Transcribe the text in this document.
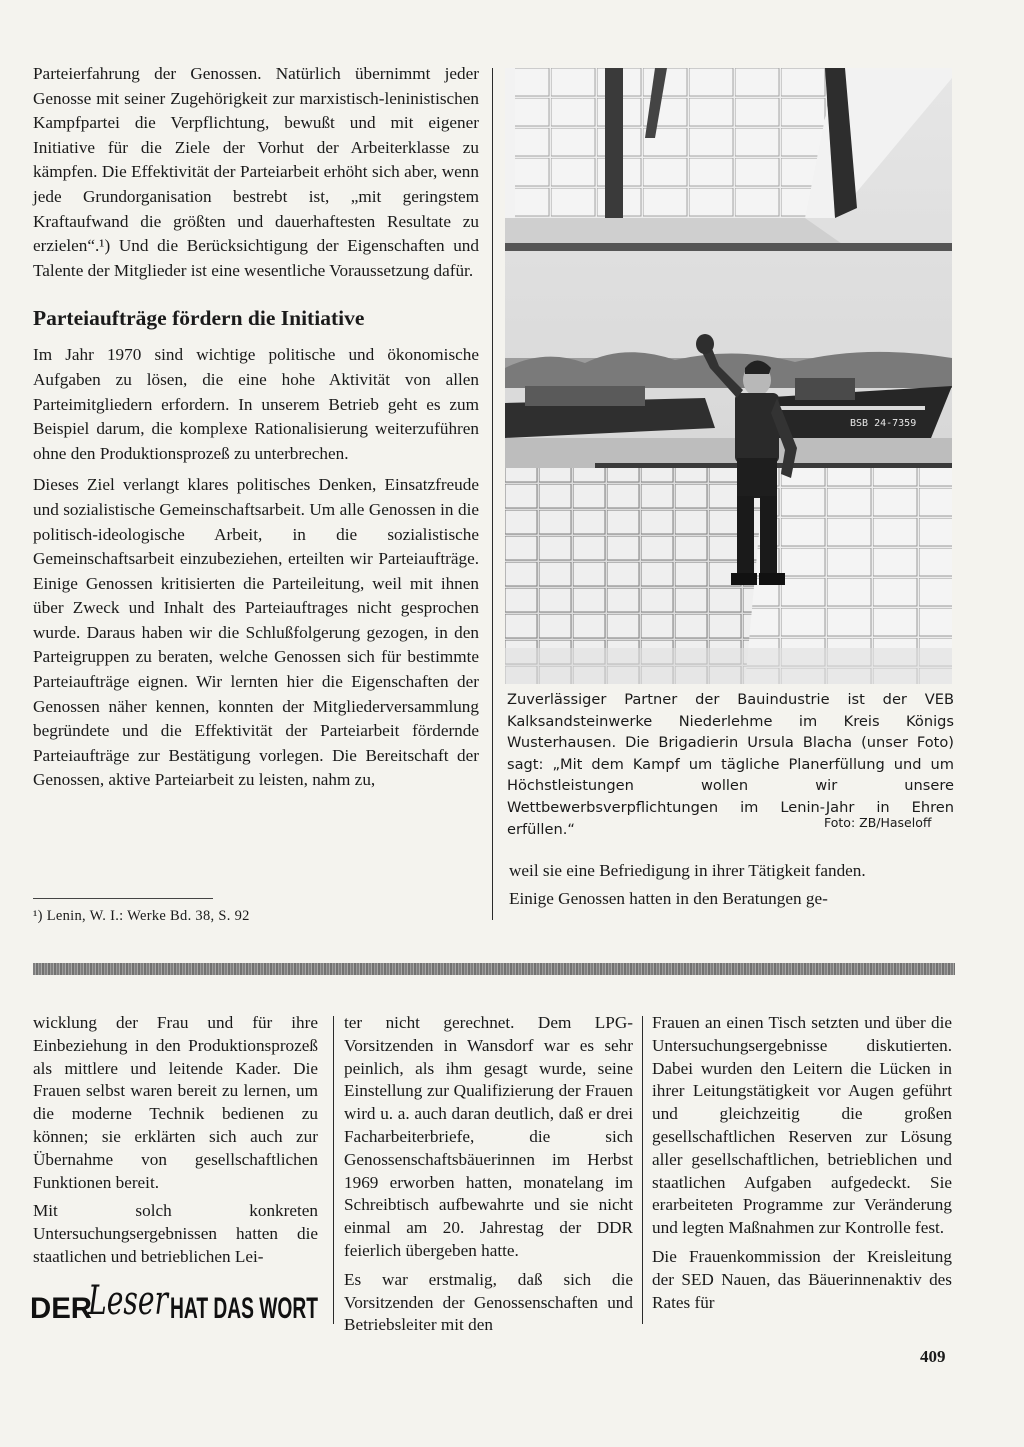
Parteierfahrung der Genossen. Natürlich übernimmt jeder Genosse mit seiner Zugehörigkeit zur marxistisch-leninistischen Kampfpartei die Verpflichtung, bewußt und mit eigener Initiative für die Ziele der Vorhut der Arbeiterklasse zu kämpfen. Die Effektivität der Parteiarbeit erhöht sich aber, wenn jede Grundorganisation bestrebt ist, „mit geringstem Kraftaufwand die größten und dauerhaftesten Resultate zu erzielen“.¹) Und die Berücksichtigung der Eigenschaften und Talente der Mitglieder ist eine wesentliche Voraussetzung dafür.

Parteiaufträge fördern die Initiative

Im Jahr 1970 sind wichtige politische und ökonomische Aufgaben zu lösen, die eine hohe Aktivität von allen Parteimitgliedern erfordern. In unserem Betrieb geht es zum Beispiel darum, die komplexe Rationalisierung weiterzuführen ohne den Produktionsprozeß zu unterbrechen.

Dieses Ziel verlangt klares politisches Denken, Einsatzfreude und sozialistische Gemeinschaftsarbeit. Um alle Genossen in die politisch-ideologische Arbeit, in die sozialistische Gemeinschaftsarbeit einzubeziehen, erteilten wir Parteiaufträge. Einige Genossen kritisierten die Parteileitung, weil mit ihnen über Zweck und Inhalt des Parteiauftrages nicht gesprochen wurde. Daraus haben wir die Schlußfolgerung gezogen, in den Parteigruppen zu beraten, welche Genossen sich für bestimmte Parteiaufträge eignen. Wir lernten hier die Eigenschaften der Genossen näher kennen, konnten der Mitgliederversammlung begründete und die Effektivität der Parteiarbeit fördernde Parteiaufträge zur Bestätigung vorlegen. Die Bereitschaft der Genossen, aktive Parteiarbeit zu leisten, nahm zu,

¹) Lenin, W. I.: Werke Bd. 38, S. 92
BSB 24-7359
Zuverlässiger Partner der Bauindustrie ist der VEB Kalksandsteinwerke Niederlehme im Kreis Königs Wusterhausen. Die Brigadierin Ursula Blacha (unser Foto) sagt: „Mit dem Kampf um tägliche Planerfüllung und um Höchstleistungen wollen wir unsere Wettbewerbsverpflichtungen im Lenin-Jahr in Ehren erfüllen.“	Foto: ZB/Haseloff

weil sie eine Befriedigung in ihrer Tätigkeit fanden.

Einige Genossen hatten in den Beratungen ge-

wicklung der Frau und für ihre Einbeziehung in den Produktionsprozeß als mittlere und leitende Kader. Die Frauen selbst waren bereit zu lernen, um die moderne Technik bedienen zu können; sie erklärten sich auch zur Übernahme von gesellschaftlichen Funktionen bereit.

Mit solch konkreten Untersuchungsergebnissen hatten die staatlichen und betrieblichen Lei-

ter nicht gerechnet. Dem LPG-Vorsitzenden in Wansdorf war es sehr peinlich, als ihm gesagt wurde, seine Einstellung zur Qualifizierung der Frauen wird u. a. auch daran deutlich, daß er drei Facharbeiterbriefe, die sich Genossenschaftsbäuerinnen im Herbst 1969 erworben hatten, monatelang im Schreibtisch aufbewahrte und sie nicht einmal am 20. Jahrestag der DDR feierlich übergeben hatte.

Es war erstmalig, daß sich die Vorsitzenden der Genossenschaften und Betriebsleiter mit den

Frauen an einen Tisch setzten und über die Untersuchungsergebnisse diskutierten. Dabei wurden den Leitern die Lücken in ihrer Leitungstätigkeit vor Augen geführt und gleichzeitig die großen gesellschaftlichen Reserven zur Lösung aller gesellschaftlichen, betrieblichen und staatlichen Aufgaben aufgedeckt. Sie erarbeiteten Programme zur Veränderung und legten Maßnahmen zur Kontrolle fest.

Die Frauenkommission der Kreisleitung der SED Nauen, das Bäuerinnenaktiv des Rates für

DER
Leser HAT DAS WORT
409
